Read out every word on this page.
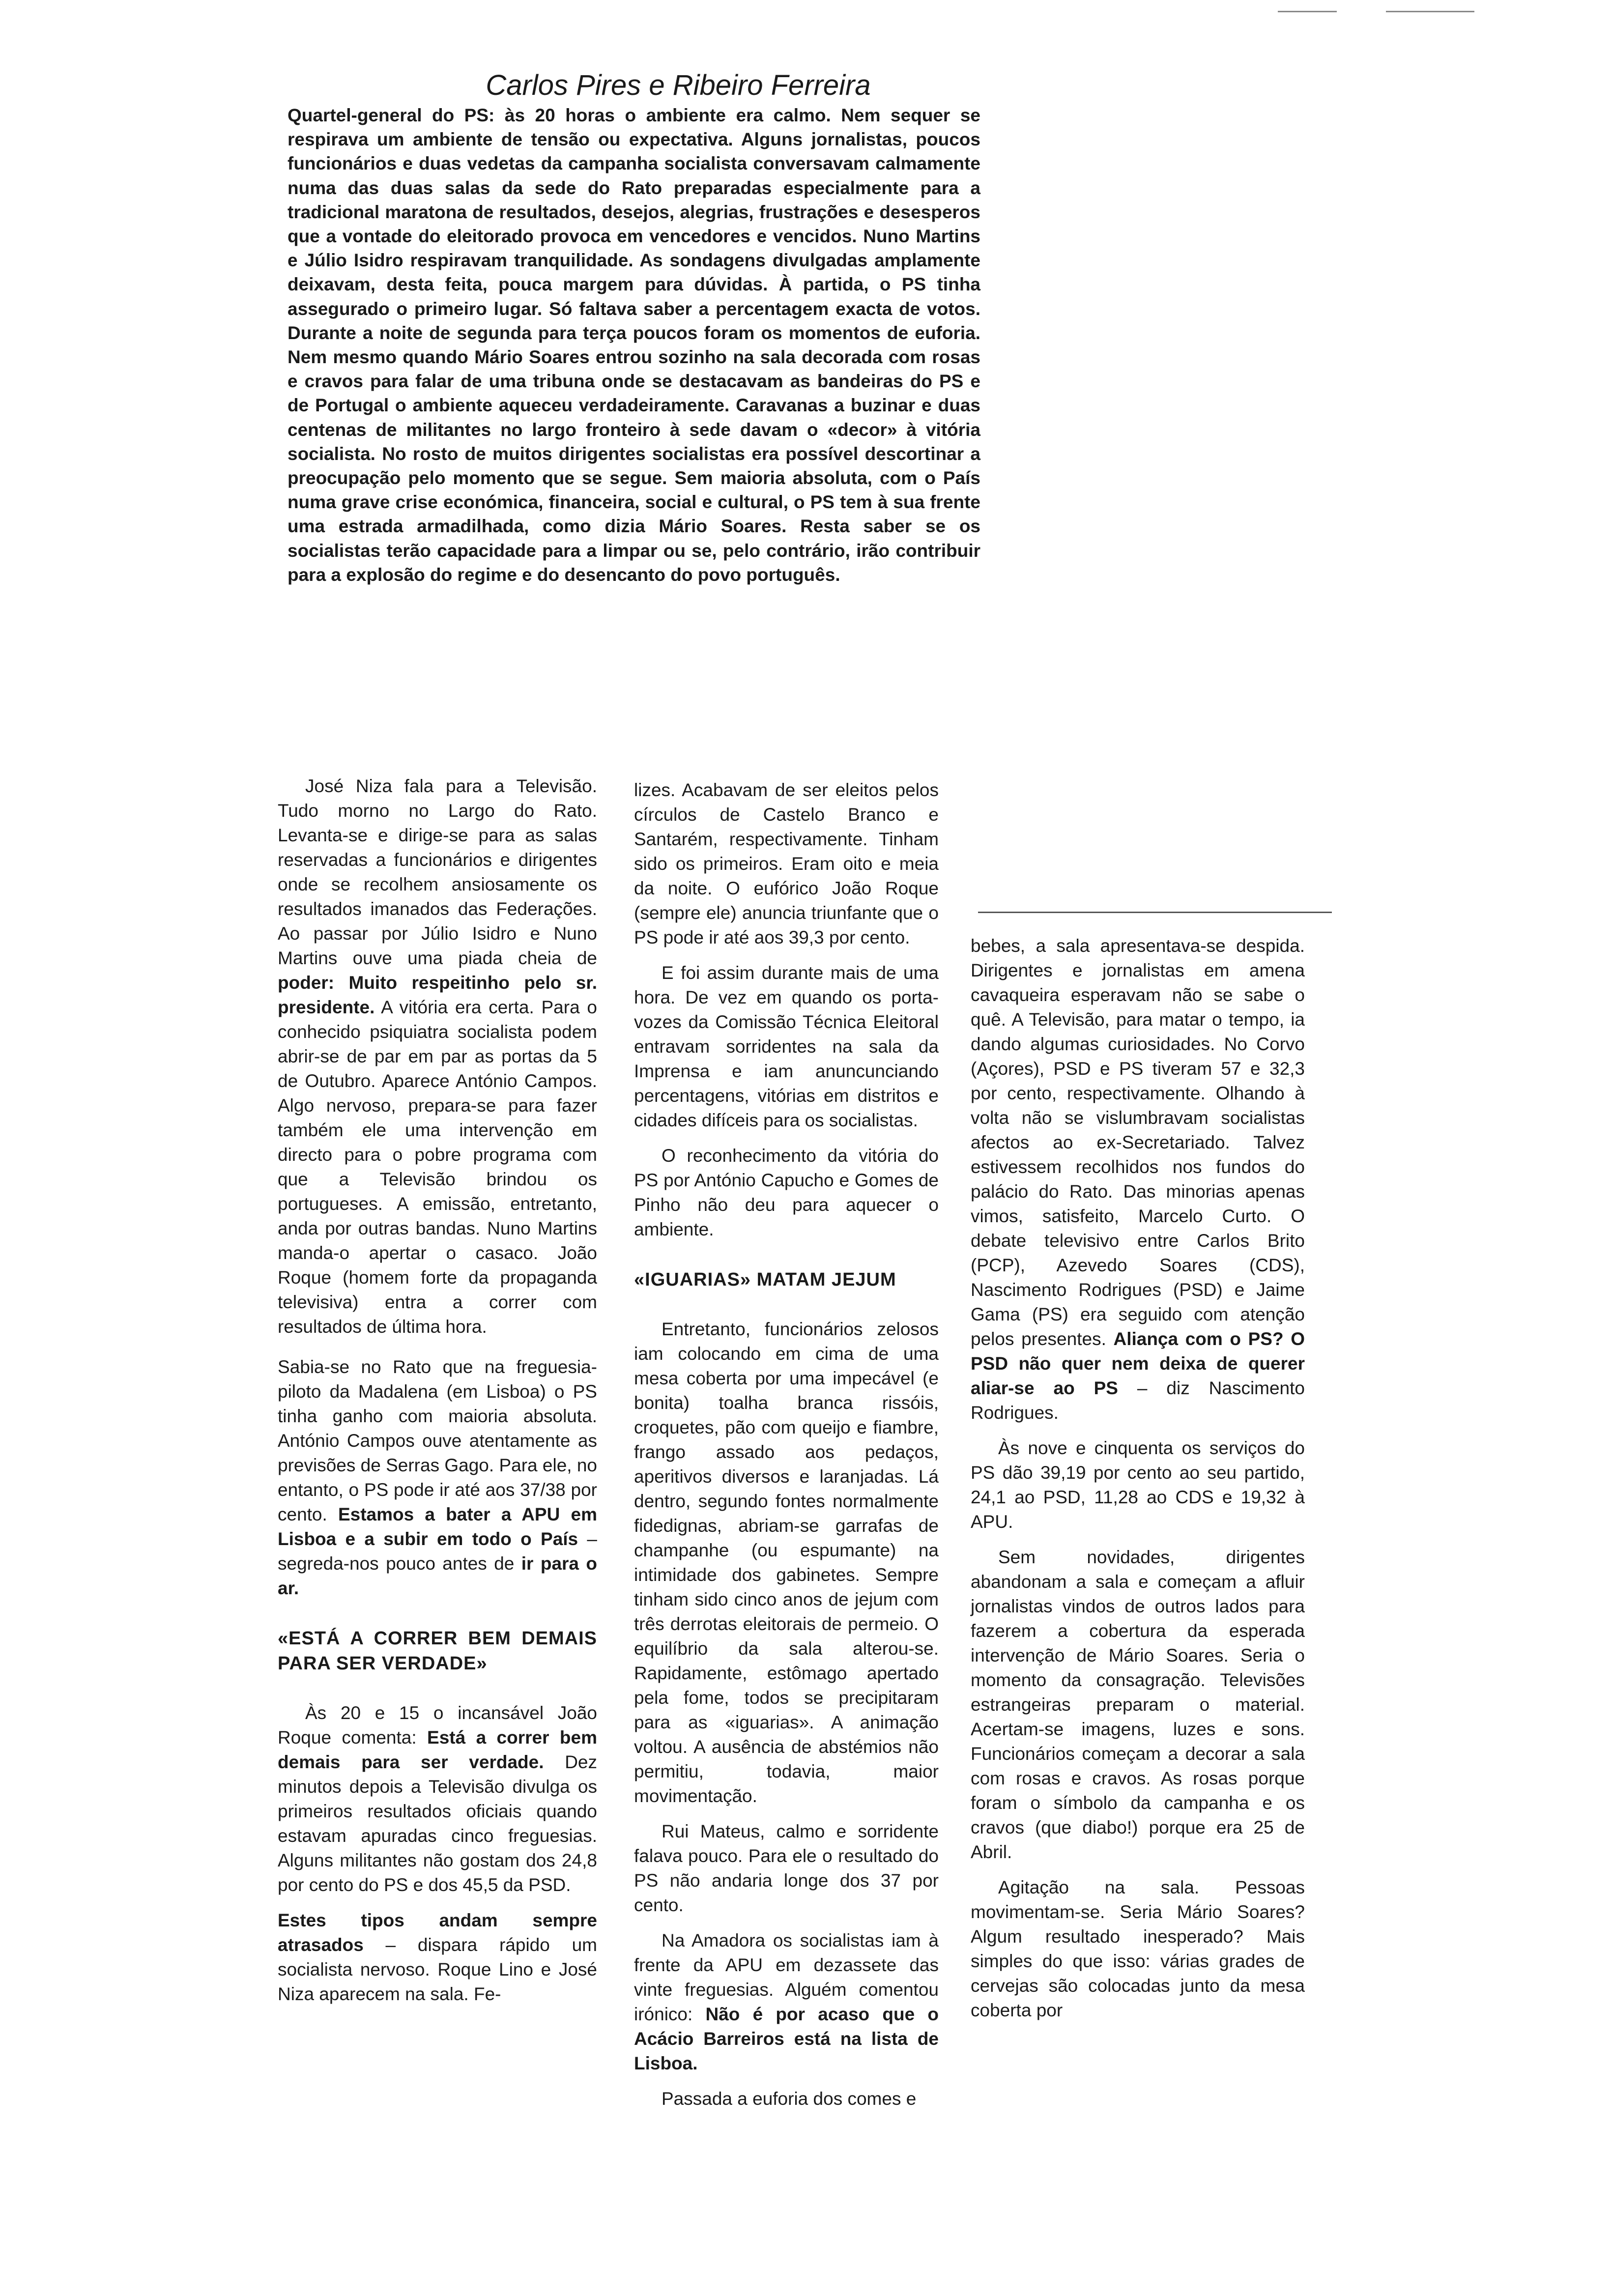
Carlos Pires e Ribeiro Ferreira

Quartel-general do PS: às 20 horas o ambiente era calmo. Nem sequer se respirava um ambiente de tensão ou expectativa. Alguns jornalistas, poucos funcionários e duas vedetas da campanha socialista conversavam calmamente numa das duas salas da sede do Rato preparadas especialmente para a tradicional maratona de resultados, desejos, alegrias, frustrações e desesperos que a vontade do eleitorado provoca em vencedores e vencidos. Nuno Martins e Júlio Isidro respiravam tranquilidade. As sondagens divulgadas amplamente deixavam, desta feita, pouca margem para dúvidas. À partida, o PS tinha assegurado o primeiro lugar. Só faltava saber a percentagem exacta de votos. Durante a noite de segunda para terça poucos foram os momentos de euforia. Nem mesmo quando Mário Soares entrou sozinho na sala decorada com rosas e cravos para falar de uma tribuna onde se destacavam as bandeiras do PS e de Portugal o ambiente aqueceu verdadeiramente. Caravanas a buzinar e duas centenas de militantes no largo fronteiro à sede davam o «decor» à vitória socialista. No rosto de muitos dirigentes socialistas era possível descortinar a preocupação pelo momento que se segue. Sem maioria absoluta, com o País numa grave crise económica, financeira, social e cultural, o PS tem à sua frente uma estrada armadilhada, como dizia Mário Soares. Resta saber se os socialistas terão capacidade para a limpar ou se, pelo contrário, irão contribuir para a explosão do regime e do desencanto do povo português.

José Niza fala para a Televisão. Tudo morno no Largo do Rato. Levanta-se e dirige-se para as salas reservadas a funcionários e dirigentes onde se recolhem ansiosamente os resultados imanados das Federações. Ao passar por Júlio Isidro e Nuno Martins ouve uma piada cheia de poder: Muito respeitinho pelo sr. presidente. A vitória era certa. Para o conhecido psiquiatra socialista podem abrir-se de par em par as portas da 5 de Outubro. Aparece António Campos. Algo nervoso, prepara-se para fazer também ele uma intervenção em directo para o pobre programa com que a Televisão brindou os portugueses. A emissão, entretanto, anda por outras bandas. Nuno Martins manda-o apertar o casaco. João Roque (homem forte da propaganda televisiva) entra a correr com resultados de última hora.

Sabia-se no Rato que na freguesia-piloto da Madalena (em Lisboa) o PS tinha ganho com maioria absoluta. António Campos ouve atentamente as previsões de Serras Gago. Para ele, no entanto, o PS pode ir até aos 37/38 por cento. Estamos a bater a APU em Lisboa e a subir em todo o País – segreda-nos pouco antes de ir para o ar.

«ESTÁ A CORRER BEM DEMAIS PARA SER VERDADE»

Às 20 e 15 o incansável João Roque comenta: Está a correr bem demais para ser verdade. Dez minutos depois a Televisão divulga os primeiros resultados oficiais quando estavam apuradas cinco freguesias. Alguns militantes não gostam dos 24,8 por cento do PS e dos 45,5 da PSD.

Estes tipos andam sempre atrasados – dispara rápido um socialista nervoso. Roque Lino e José Niza aparecem na sala. Fe-

lizes. Acabavam de ser eleitos pelos círculos de Castelo Branco e Santarém, respectivamente. Tinham sido os primeiros. Eram oito e meia da noite. O eufórico João Roque (sempre ele) anuncia triunfante que o PS pode ir até aos 39,3 por cento.

E foi assim durante mais de uma hora. De vez em quando os porta-vozes da Comissão Técnica Eleitoral entravam sorridentes na sala da Imprensa e iam anuncunciando percentagens, vitórias em distritos e cidades difíceis para os socialistas.

O reconhecimento da vitória do PS por António Capucho e Gomes de Pinho não deu para aquecer o ambiente.

«IGUARIAS» MATAM JEJUM

Entretanto, funcionários zelosos iam colocando em cima de uma mesa coberta por uma impecável (e bonita) toalha branca rissóis, croquetes, pão com queijo e fiambre, frango assado aos pedaços, aperitivos diversos e laranjadas. Lá dentro, segundo fontes normalmente fidedignas, abriam-se garrafas de champanhe (ou espumante) na intimidade dos gabinetes. Sempre tinham sido cinco anos de jejum com três derrotas eleitorais de permeio. O equilíbrio da sala alterou-se. Rapidamente, estômago apertado pela fome, todos se precipitaram para as «iguarias». A animação voltou. A ausência de abstémios não permitiu, todavia, maior movimentação.

Rui Mateus, calmo e sorridente falava pouco. Para ele o resultado do PS não andaria longe dos 37 por cento.

Na Amadora os socialistas iam à frente da APU em dezassete das vinte freguesias. Alguém comentou irónico: Não é por acaso que o Acácio Barreiros está na lista de Lisboa.

Passada a euforia dos comes e

bebes, a sala apresentava-se despida. Dirigentes e jornalistas em amena cavaqueira esperavam não se sabe o quê. A Televisão, para matar o tempo, ia dando algumas curiosidades. No Corvo (Açores), PSD e PS tiveram 57 e 32,3 por cento, respectivamente. Olhando à volta não se vislumbravam socialistas afectos ao ex-Secretariado. Talvez estivessem recolhidos nos fundos do palácio do Rato. Das minorias apenas vimos, satisfeito, Marcelo Curto. O debate televisivo entre Carlos Brito (PCP), Azevedo Soares (CDS), Nascimento Rodrigues (PSD) e Jaime Gama (PS) era seguido com atenção pelos presentes. Aliança com o PS? O PSD não quer nem deixa de querer aliar-se ao PS – diz Nascimento Rodrigues.

Às nove e cinquenta os serviços do PS dão 39,19 por cento ao seu partido, 24,1 ao PSD, 11,28 ao CDS e 19,32 à APU.

Sem novidades, dirigentes abandonam a sala e começam a afluir jornalistas vindos de outros lados para fazerem a cobertura da esperada intervenção de Mário Soares. Seria o momento da consagração. Televisões estrangeiras preparam o material. Acertam-se imagens, luzes e sons. Funcionários começam a decorar a sala com rosas e cravos. As rosas porque foram o símbolo da campanha e os cravos (que diabo!) porque era 25 de Abril.

Agitação na sala. Pessoas movimentam-se. Seria Mário Soares? Algum resultado inesperado? Mais simples do que isso: várias grades de cervejas são colocadas junto da mesa coberta por
